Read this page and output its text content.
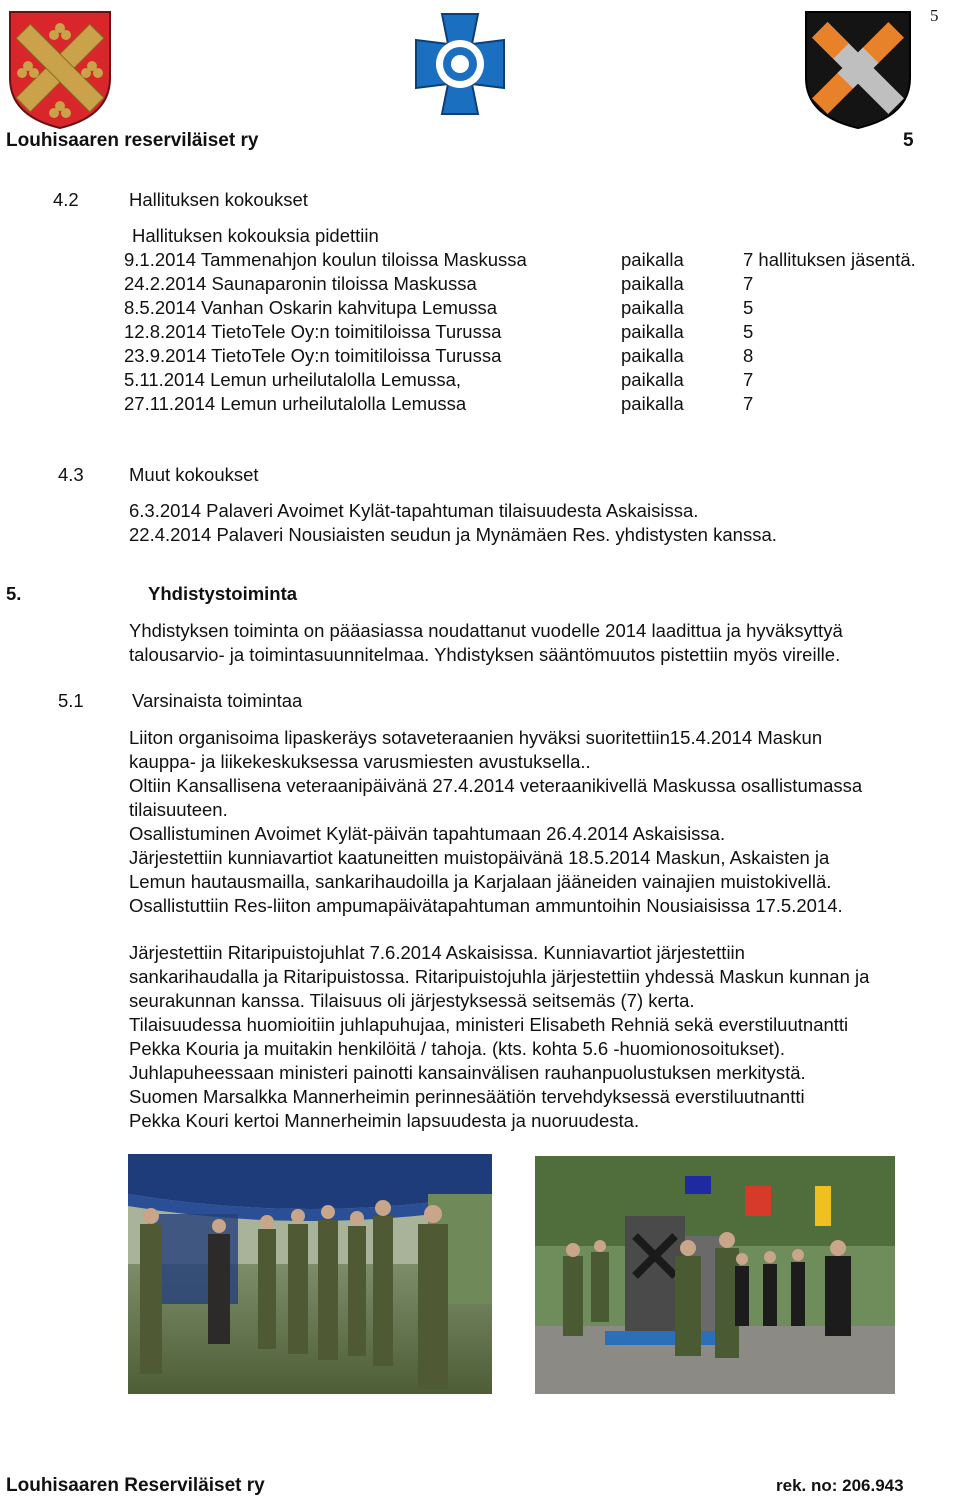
5
Louhisaaren reserviläiset ry	5
4.2	Hallituksen kokoukset
Hallituksen kokouksia pidettiin
9.1.2014 Tammenahjon koulun tiloissa Maskussa	paikalla	7 hallituksen jäsentä.
24.2.2014 Saunaparonin tiloissa Maskussa	paikalla	7
8.5.2014 Vanhan Oskarin kahvitupa Lemussa	paikalla	5
12.8.2014 TietoTele Oy:n toimitiloissa Turussa	paikalla	5
23.9.2014 TietoTele Oy:n toimitiloissa Turussa	paikalla	8
5.11.2014 Lemun urheilutalolla Lemussa,	paikalla	7
27.11.2014 Lemun urheilutalolla Lemussa	paikalla	7
4.3 Muut kokoukset
6.3.2014 Palaveri Avoimet Kylät-tapahtuman tilaisuudesta Askaisissa.
22.4.2014 Palaveri Nousiaisten seudun ja Mynämäen Res. yhdistysten kanssa.
5.	Yhdistystoiminta
Yhdistyksen toiminta on pääasiassa noudattanut vuodelle 2014 laadittua ja hyväksyttyä
talousarvio- ja toimintasuunnitelmaa. Yhdistyksen sääntömuutos pistettiin myös vireille.
5.1	Varsinaista toimintaa
Liiton organisoima lipaskeräys sotaveteraanien hyväksi suoritettiin15.4.2014 Maskun
kauppa- ja liikekeskuksessa varusmiesten avustuksella..
Oltiin Kansallisena veteraanipäivänä 27.4.2014 veteraanikivellä Maskussa osallistumassa
tilaisuuteen.
Osallistuminen Avoimet Kylät-päivän tapahtumaan 26.4.2014 Askaisissa.
Järjestettiin kunniavartiot kaatuneitten muistopäivänä 18.5.2014 Maskun, Askaisten ja
Lemun hautausmailla, sankarihaudoilla ja Karjalaan jääneiden vainajien muistokivellä.
Osallistuttiin Res-liiton ampumapäivätapahtuman ammuntoihin Nousiaisissa 17.5.2014.
Järjestettiin Ritaripuistojuhlat 7.6.2014 Askaisissa. Kunniavartiot järjestettiin
sankarihaudalla ja Ritaripuistossa. Ritaripuistojuhla järjestettiin yhdessä Maskun kunnan ja
seurakunnan kanssa. Tilaisuus oli järjestyksessä seitsemäs (7) kerta.
Tilaisuudessa huomioitiin juhlapuhujaa, ministeri Elisabeth Rehniä sekä everstiluutnantti
Pekka Kouria ja muitakin henkilöitä / tahoja. (kts. kohta 5.6 -huomionosoitukset).
Juhlapuheessaan ministeri painotti kansainvälisen rauhanpuolustuksen merkitystä.
Suomen Marsalkka Mannerheimin perinnesäätiön tervehdyksessä everstiluutnantti
Pekka Kouri kertoi Mannerheimin lapsuudesta ja nuoruudesta.
Louhisaaren Reserviläiset ry	rek. no: 206.943
